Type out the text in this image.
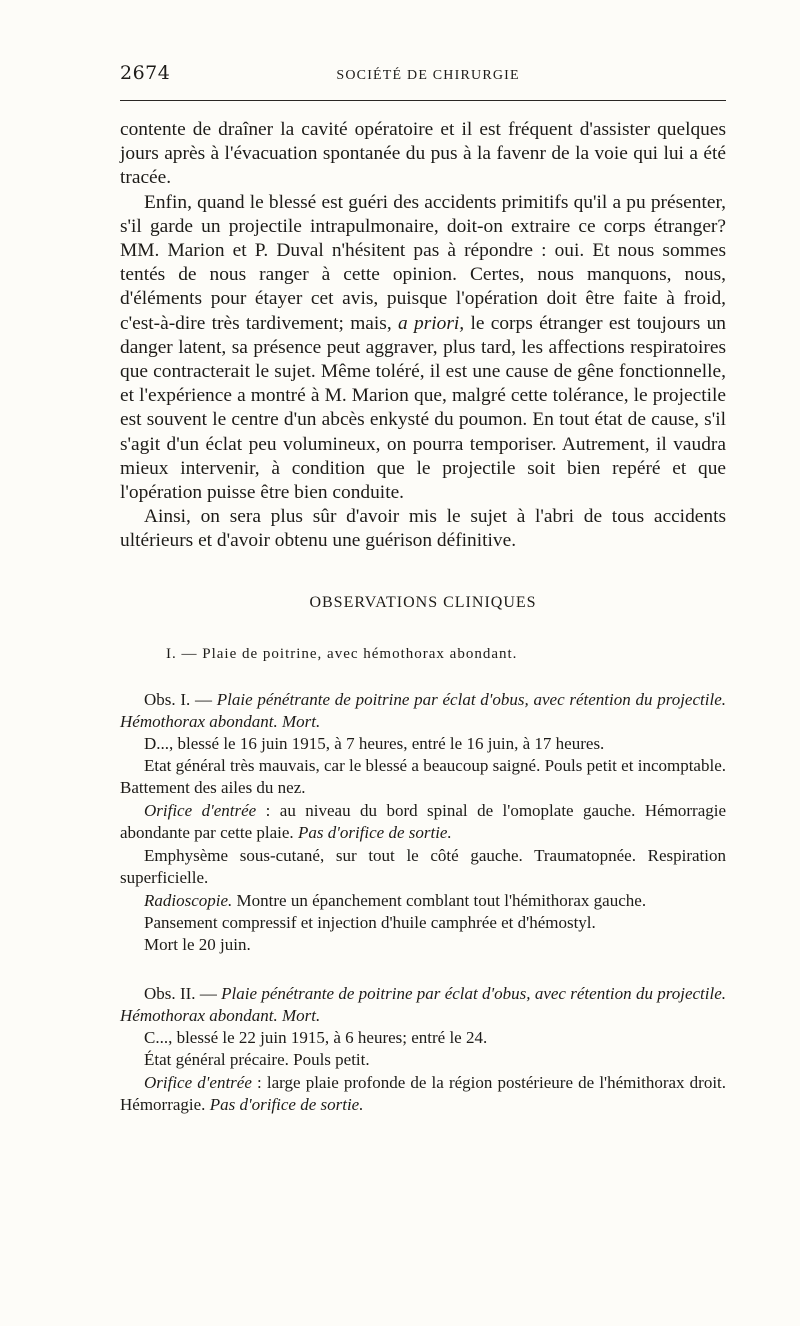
2674	SOCIÉTÉ DE CHIRURGIE

contente de draîner la cavité opératoire et il est fréquent d'assister quelques jours après à l'évacuation spontanée du pus à la favenr de la voie qui lui a été tracée.

Enfin, quand le blessé est guéri des accidents primitifs qu'il a pu présenter, s'il garde un projectile intrapulmonaire, doit-on extraire ce corps étranger? MM. Marion et P. Duval n'hésitent pas à répondre : oui. Et nous sommes tentés de nous ranger à cette opinion. Certes, nous manquons, nous, d'éléments pour étayer cet avis, puisque l'opération doit être faite à froid, c'est-à-dire très tardivement; mais, a priori, le corps étranger est toujours un danger latent, sa présence peut aggraver, plus tard, les affections respiratoires que contracterait le sujet. Même toléré, il est une cause de gêne fonctionnelle, et l'expérience a montré à M. Marion que, malgré cette tolérance, le projectile est souvent le centre d'un abcès enkysté du poumon. En tout état de cause, s'il s'agit d'un éclat peu volumineux, on pourra temporiser. Autrement, il vaudra mieux intervenir, à condition que le projectile soit bien repéré et que l'opération puisse être bien conduite.

Ainsi, on sera plus sûr d'avoir mis le sujet à l'abri de tous accidents ultérieurs et d'avoir obtenu une guérison définitive.

OBSERVATIONS CLINIQUES
I. — Plaie de poitrine, avec hémothorax abondant.

Obs. I. — Plaie pénétrante de poitrine par éclat d'obus, avec rétention du projectile. Hémothorax abondant. Mort.

D..., blessé le 16 juin 1915, à 7 heures, entré le 16 juin, à 17 heures.

Etat général très mauvais, car le blessé a beaucoup saigné. Pouls petit et incomptable. Battement des ailes du nez.

Orifice d'entrée : au niveau du bord spinal de l'omoplate gauche. Hémorragie abondante par cette plaie. Pas d'orifice de sortie.

Emphysème sous-cutané, sur tout le côté gauche. Traumatopnée. Respiration superficielle.

Radioscopie. Montre un épanchement comblant tout l'hémithorax gauche.

Pansement compressif et injection d'huile camphrée et d'hémostyl.

Mort le 20 juin.

Obs. II. — Plaie pénétrante de poitrine par éclat d'obus, avec rétention du projectile. Hémothorax abondant. Mort.

C..., blessé le 22 juin 1915, à 6 heures; entré le 24.

État général précaire. Pouls petit.

Orifice d'entrée : large plaie profonde de la région postérieure de l'hémithorax droit. Hémorragie. Pas d'orifice de sortie.
